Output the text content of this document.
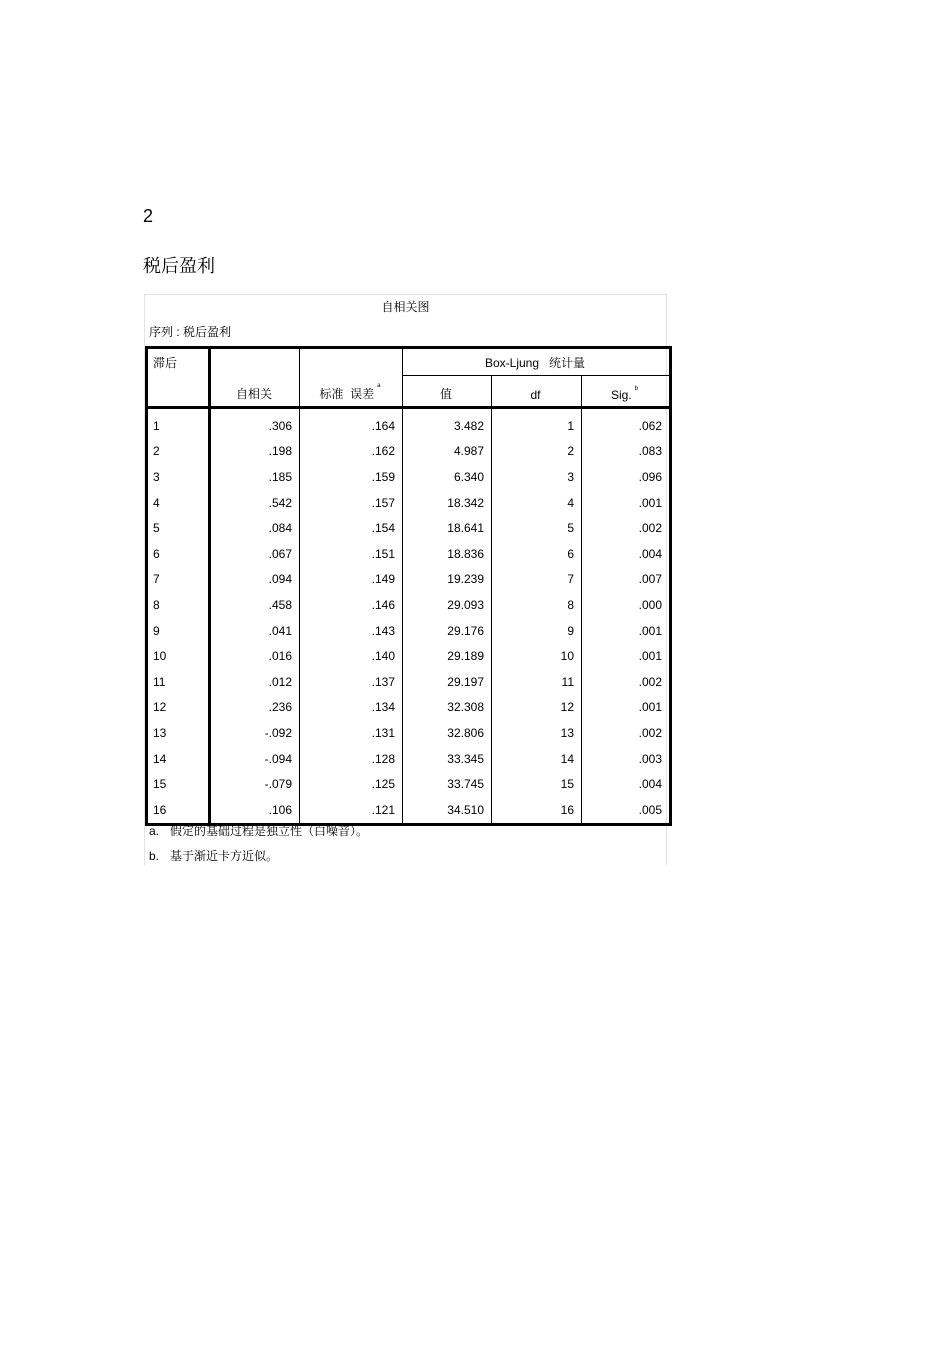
2
税后盈利
自相关图
序列 : 税后盈利
滞后	自相关	标准  误差$^a$	Box-Ljung   统计量		
			值	df	Sig. $^b$
1	.306	.164	3.482	1	.062
2	.198	.162	4.987	2	.083
3	.185	.159	6.340	3	.096
4	.542	.157	18.342	4	.001
5	.084	.154	18.641	5	.002
6	.067	.151	18.836	6	.004
7	.094	.149	19.239	7	.007
8	.458	.146	29.093	8	.000
9	.041	.143	29.176	9	.001
10	.016	.140	29.189	10	.001
11	.012	.137	29.197	11	.002
12	.236	.134	32.308	12	.001
13	-.092	.131	32.806	13	.002
14	-.094	.128	33.345	14	.003
15	-.079	.125	33.745	15	.004
16	.106	.121	34.510	16	.005
a. 假定的基础过程是独立性（白噪音）。
b. 基于渐近卡方近似。
